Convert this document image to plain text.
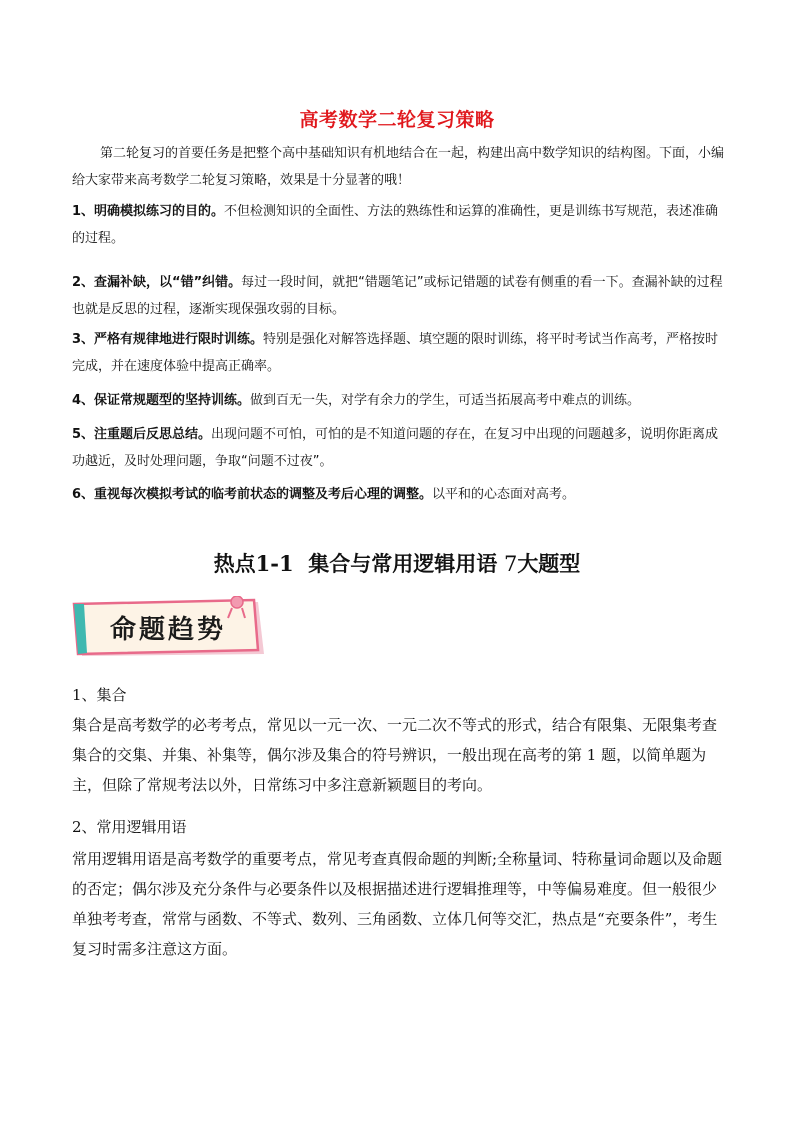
高考数学二轮复习策略

第二轮复习的首要任务是把整个高中基础知识有机地结合在一起，构建出高中数学知识的结构图。下面，小编给大家带来高考数学二轮复习策略，效果是十分显著的哦！

1、明确模拟练习的目的。不但检测知识的全面性、方法的熟练性和运算的准确性，更是训练书写规范，表述准确的过程。

2、查漏补缺，以“错”纠错。每过一段时间，就把“错题笔记”或标记错题的试卷有侧重的看一下。查漏补缺的过程也就是反思的过程，逐渐实现保强攻弱的目标。

3、严格有规律地进行限时训练。特别是强化对解答选择题、填空题的限时训练，将平时考试当作高考，严格按时完成，并在速度体验中提高正确率。

4、保证常规题型的坚持训练。做到百无一失，对学有余力的学生，可适当拓展高考中难点的训练。

5、注重题后反思总结。出现问题不可怕，可怕的是不知道问题的存在，在复习中出现的问题越多，说明你距离成功越近，及时处理问题，争取“问题不过夜”。

6、重视每次模拟考试的临考前状态的调整及考后心理的调整。以平和的心态面对高考。

热点1-1 集合与常用逻辑用语 7大题型
命题趋势
1、集合
集合是高考数学的必考考点，常见以一元一次、一元二次不等式的形式，结合有限集、无限集考查集合的交集、并集、补集等，偶尔涉及集合的符号辨识，一般出现在高考的第 1 题，以简单题为主，但除了常规考法以外，日常练习中多注意新颖题目的考向。
2、常用逻辑用语
常用逻辑用语是高考数学的重要考点，常见考查真假命题的判断;全称量词、特称量词命题以及命题的否定；偶尔涉及充分条件与必要条件以及根据描述进行逻辑推理等，中等偏易难度。但一般很少单独考考查，常常与函数、不等式、数列、三角函数、立体几何等交汇，热点是“充要条件”，考生复习时需多注意这方面。
